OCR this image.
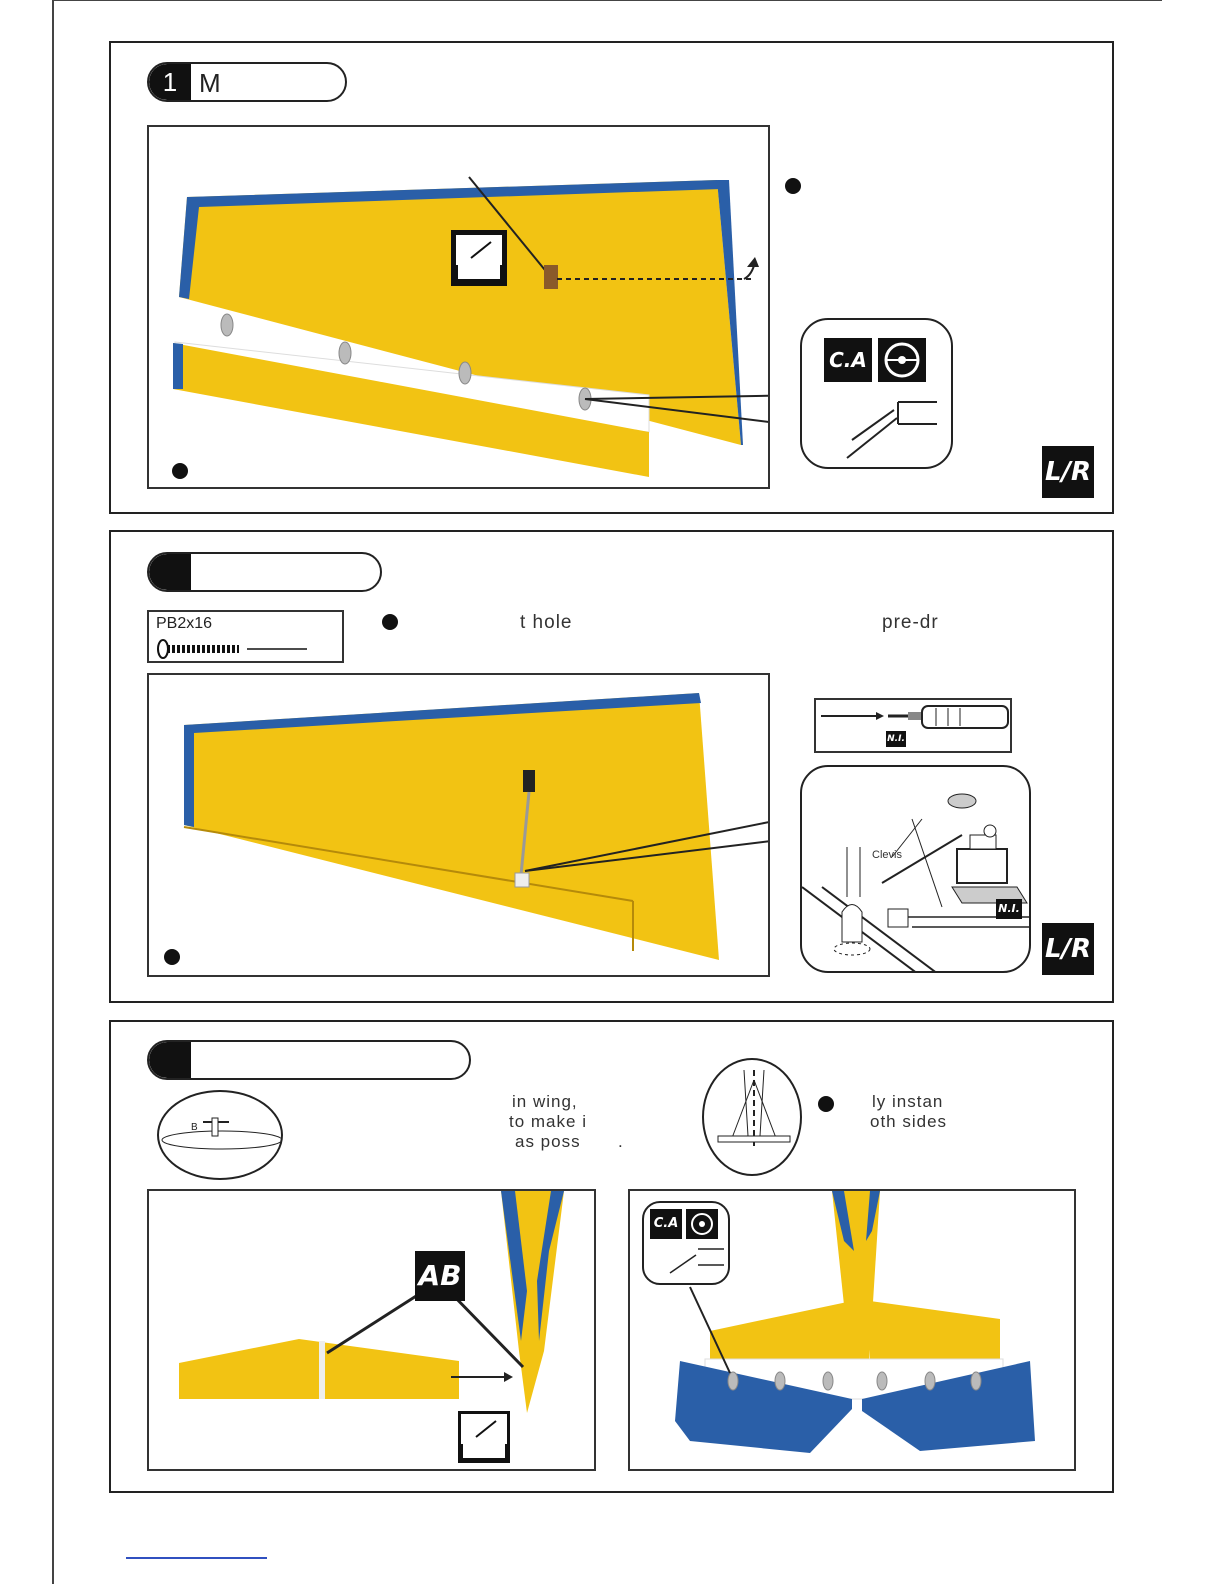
1 M
C.A
L/R
PB2x16	t hole	pre-dr
N.I.
Clevis
N.I.
L/R
B
in wing,
to make i
as poss .
ly instan
oth sides
AB
C.A
